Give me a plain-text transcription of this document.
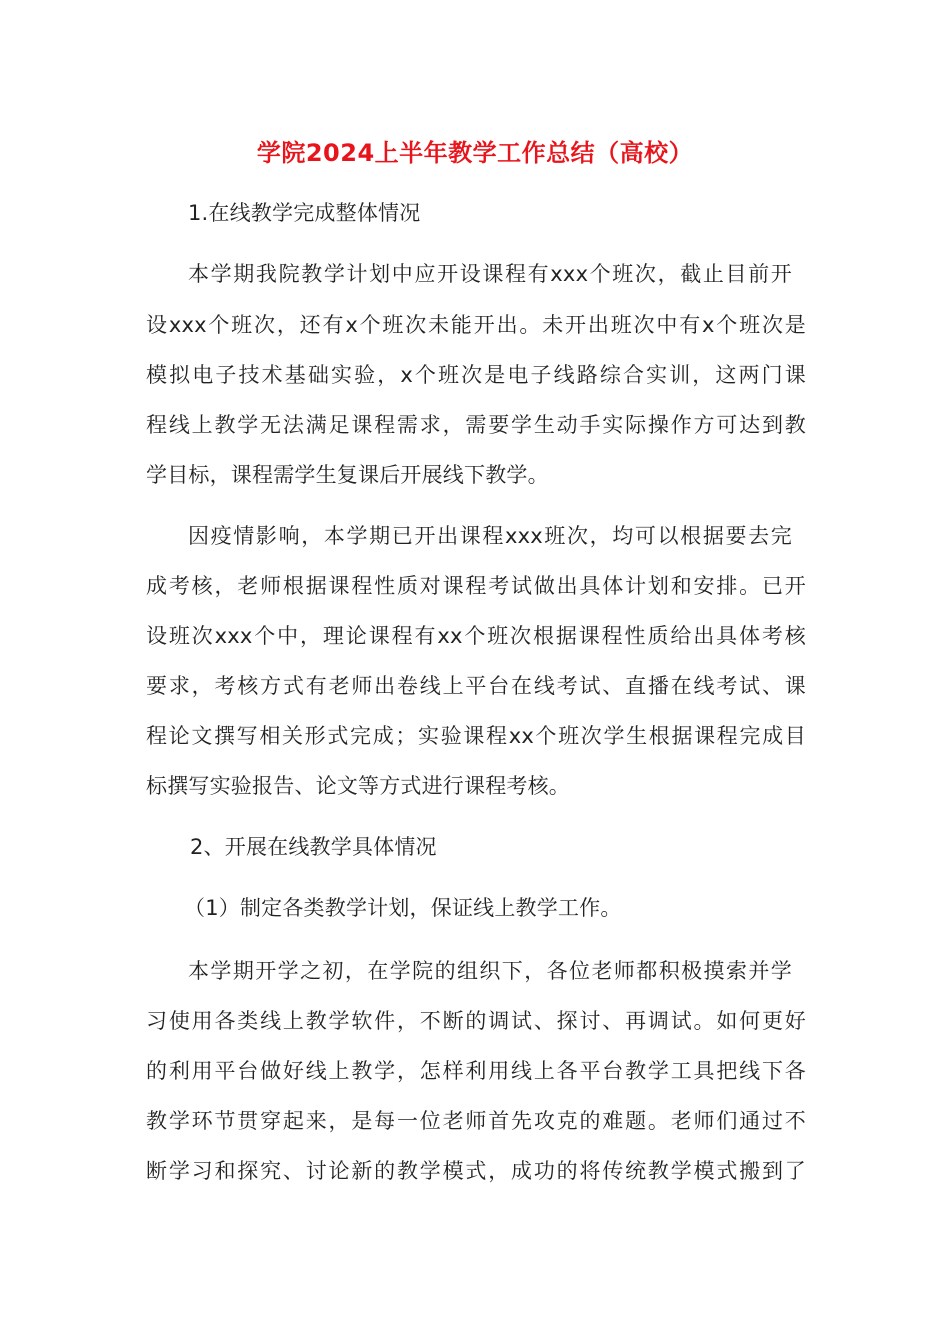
学院2024上半年教学工作总结（高校）
1.在线教学完成整体情况
本学期我院教学计划中应开设课程有xxx个班次，截止目前开
设xxx个班次，还有x个班次未能开出。未开出班次中有x个班次是
模拟电子技术基础实验，x个班次是电子线路综合实训，这两门课
程线上教学无法满足课程需求，需要学生动手实际操作方可达到教
学目标，课程需学生复课后开展线下教学。
因疫情影响，本学期已开出课程xxx班次，均可以根据要去完
成考核，老师根据课程性质对课程考试做出具体计划和安排。已开
设班次xxx个中，理论课程有xx个班次根据课程性质给出具体考核
要求，考核方式有老师出卷线上平台在线考试、直播在线考试、课
程论文撰写相关形式完成；实验课程xx个班次学生根据课程完成目
标撰写实验报告、论文等方式进行课程考核。
2、开展在线教学具体情况
（1）制定各类教学计划，保证线上教学工作。
本学期开学之初，在学院的组织下，各位老师都积极摸索并学
习使用各类线上教学软件，不断的调试、探讨、再调试。如何更好
的利用平台做好线上教学，怎样利用线上各平台教学工具把线下各
教学环节贯穿起来，是每一位老师首先攻克的难题。老师们通过不
断学习和探究、讨论新的教学模式，成功的将传统教学模式搬到了
